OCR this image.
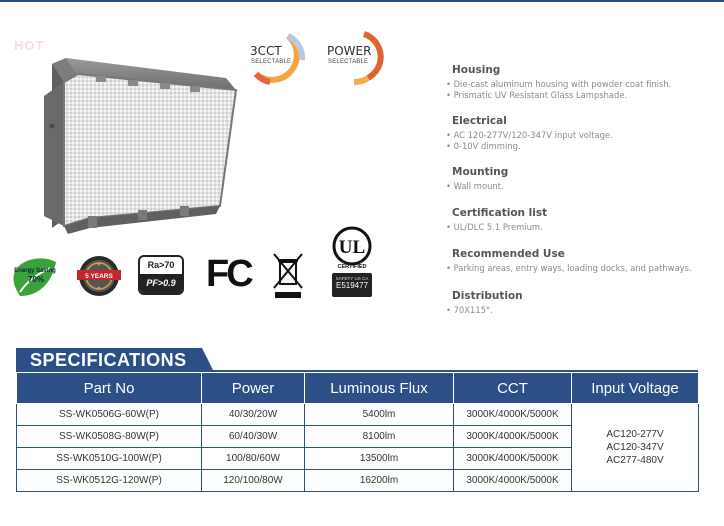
HOT	3CCT
SELECTABLE
POWER
SELECTABLE
Housing
• Die-cast aluminum housing with powder coat finish.
• Prismatic UV Resistant Glass Lampshade.
Electrical
• AC 120-277V/120-347V input voltage.
• 0-10V dimming.
Mounting
• Wall mount.
Certification list
• UL/DLC 5.1 Premium.
Recommended Use
• Parking areas, entry ways, loading docks, and pathways.
Distribution
• 70X115°.
Energy Saving
70%	5 YEARS
★
★
Ra>70
PF>0.9 FC
UL
CERTIFIED
SAFETY US CA
E519477
SPECIFICATIONS
Part No	Power	Luminous Flux	CCT	Input Voltage
SS-WK0506G-60W(P)	40/30/20W	5400lm	3000K/4000K/5000K	AC120-277V
AC120-347V
AC277-480V

SS-WK0508G-80W(P)	60/40/30W	8100lm	3000K/4000K/5000K	
SS-WK0510G-100W(P)	100/80/60W	13500lm	3000K/4000K/5000K	
SS-WK0512G-120W(P)	120/100/80W	16200lm	3000K/4000K/5000K	
